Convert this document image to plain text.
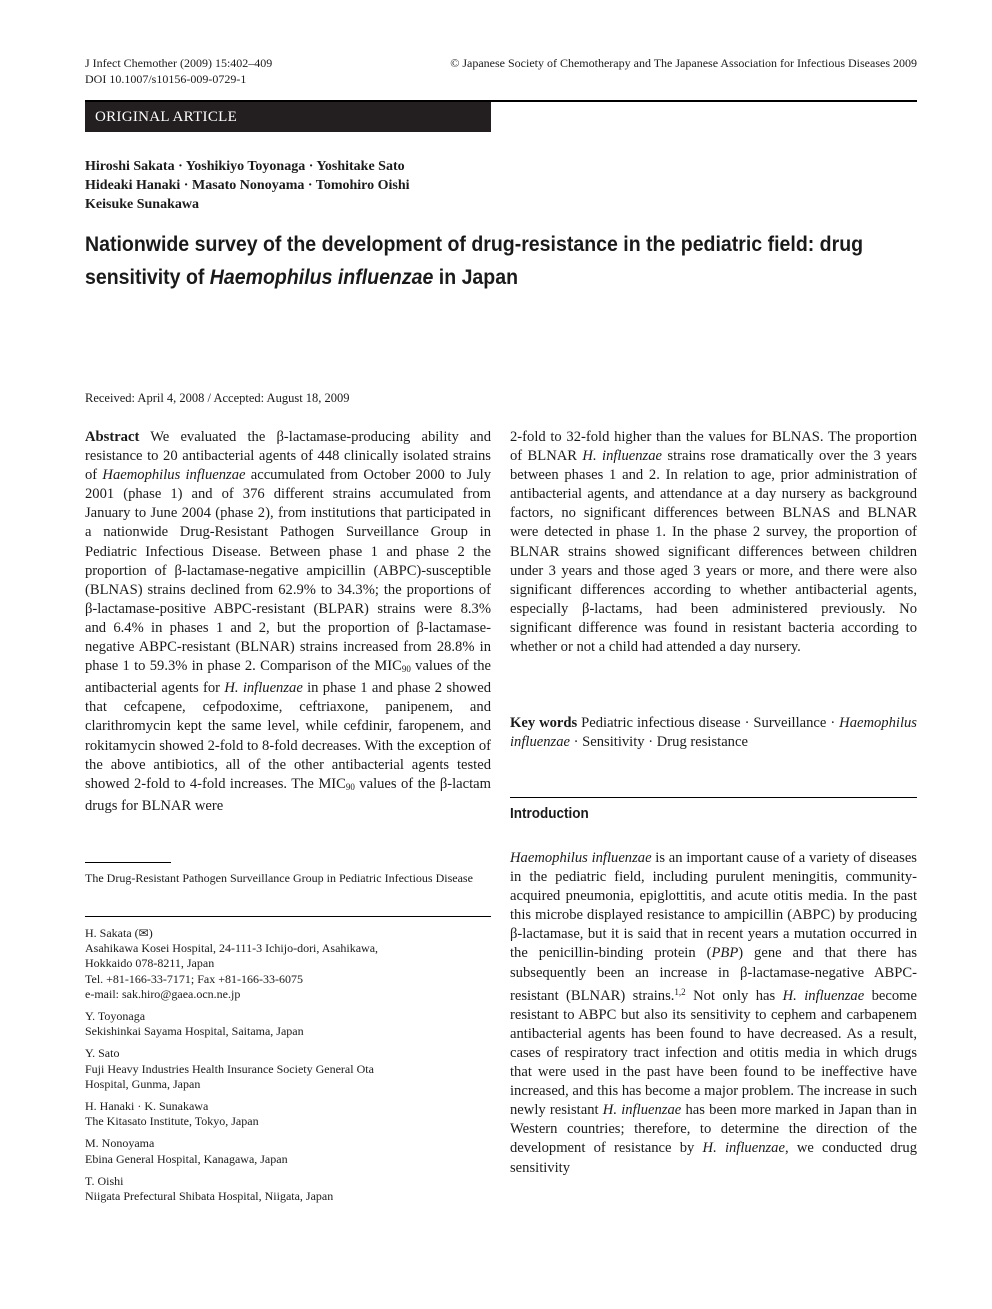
J Infect Chemother (2009) 15:402–409
DOI 10.1007/s10156-009-0729-1
© Japanese Society of Chemotherapy and The Japanese Association for Infectious Diseases 2009
ORIGINAL ARTICLE
Hiroshi Sakata · Yoshikiyo Toyonaga · Yoshitake Sato
Hideaki Hanaki · Masato Nonoyama · Tomohiro Oishi
Keisuke Sunakawa
Nationwide survey of the development of drug-resistance in the pediatric field: drug sensitivity of Haemophilus influenzae in Japan
Received: April 4, 2008 / Accepted: August 18, 2009

Abstract We evaluated the β-lactamase-producing ability and resistance to 20 antibacterial agents of 448 clinically isolated strains of Haemophilus influenzae accumulated from October 2000 to July 2001 (phase 1) and of 376 different strains accumulated from January to June 2004 (phase 2), from institutions that participated in a nationwide Drug-Resistant Pathogen Surveillance Group in Pediatric Infectious Disease. Between phase 1 and phase 2 the proportion of β-lactamase-negative ampicillin (ABPC)-susceptible (BLNAS) strains declined from 62.9% to 34.3%; the proportions of β-lactamase-positive ABPC-resistant (BLPAR) strains were 8.3% and 6.4% in phases 1 and 2, but the proportion of β-lactamase-negative ABPC-resistant (BLNAR) strains increased from 28.8% in phase 1 to 59.3% in phase 2. Comparison of the $MIC_{90}$ values of the antibacterial agents for H. influenzae in phase 1 and phase 2 showed that cefcapene, cefpodoxime, ceftriaxone, panipenem, and clarithromycin kept the same level, while cefdinir, faropenem, and rokitamycin showed 2-fold to 8-fold decreases. With the exception of the above antibiotics, all of the other antibacterial agents tested showed 2-fold to 4-fold increases. The $MIC_{90}$ values of the β-lactam drugs for BLNAR were

2-fold to 32-fold higher than the values for BLNAS. The proportion of BLNAR H. influenzae strains rose dramatically over the 3 years between phases 1 and 2. In relation to age, prior administration of antibacterial agents, and attendance at a day nursery as background factors, no significant differences between BLNAS and BLNAR were detected in phase 1. In the phase 2 survey, the proportion of BLNAR strains showed significant differences between children under 3 years and those aged 3 years or more, and there were also significant differences according to whether antibacterial agents, especially β-lactams, had been administered previously. No significant difference was found in resistant bacteria according to whether or not a child had attended a day nursery.

The Drug-Resistant Pathogen Surveillance Group in Pediatric Infectious Disease
H. Sakata (✉)
Asahikawa Kosei Hospital, 24-111-3 Ichijo-dori, Asahikawa,
Hokkaido 078-8211, Japan
Tel. +81-166-33-7171; Fax +81-166-33-6075
e-mail: sak.hiro@gaea.ocn.ne.jp
Y. Toyonaga
Sekishinkai Sayama Hospital, Saitama, Japan
Y. Sato
Fuji Heavy Industries Health Insurance Society General Ota
Hospital, Gunma, Japan
H. Hanaki · K. Sunakawa
The Kitasato Institute, Tokyo, Japan
M. Nonoyama
Ebina General Hospital, Kanagawa, Japan
T. Oishi
Niigata Prefectural Shibata Hospital, Niigata, Japan
Key words Pediatric infectious disease · Surveillance · Haemophilus influenzae · Sensitivity · Drug resistance
Introduction
Haemophilus influenzae is an important cause of a variety of diseases in the pediatric field, including purulent meningitis, community-acquired pneumonia, epiglottitis, and acute otitis media. In the past this microbe displayed resistance to ampicillin (ABPC) by producing β-lactamase, but it is said that in recent years a mutation occurred in the penicillin-binding protein (PBP) gene and that there has subsequently been an increase in β-lactamase-negative ABPC-resistant (BLNAR) strains.$^{1,2}$ Not only has H. influenzae become resistant to ABPC but also its sensitivity to cephem and carbapenem antibacterial agents has been found to have decreased. As a result, cases of respiratory tract infection and otitis media in which drugs that were used in the past have been found to be ineffective have increased, and this has become a major problem. The increase in such newly resistant H. influenzae has been more marked in Japan than in Western countries; therefore, to determine the direction of the development of resistance by H. influenzae, we conducted drug sensitivity
